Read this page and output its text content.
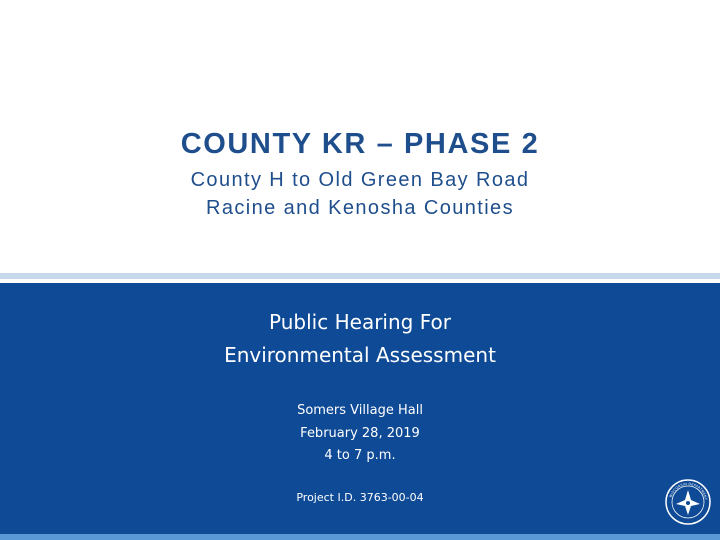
COUNTY KR – PHASE 2
County H to Old Green Bay Road
Racine and Kenosha Counties
Public Hearing For
Environmental Assessment
Somers Village Hall
February 28, 2019
4 to 7 p.m.
Project I.D. 3763-00-04	WISCONSIN DEPARTMENT
